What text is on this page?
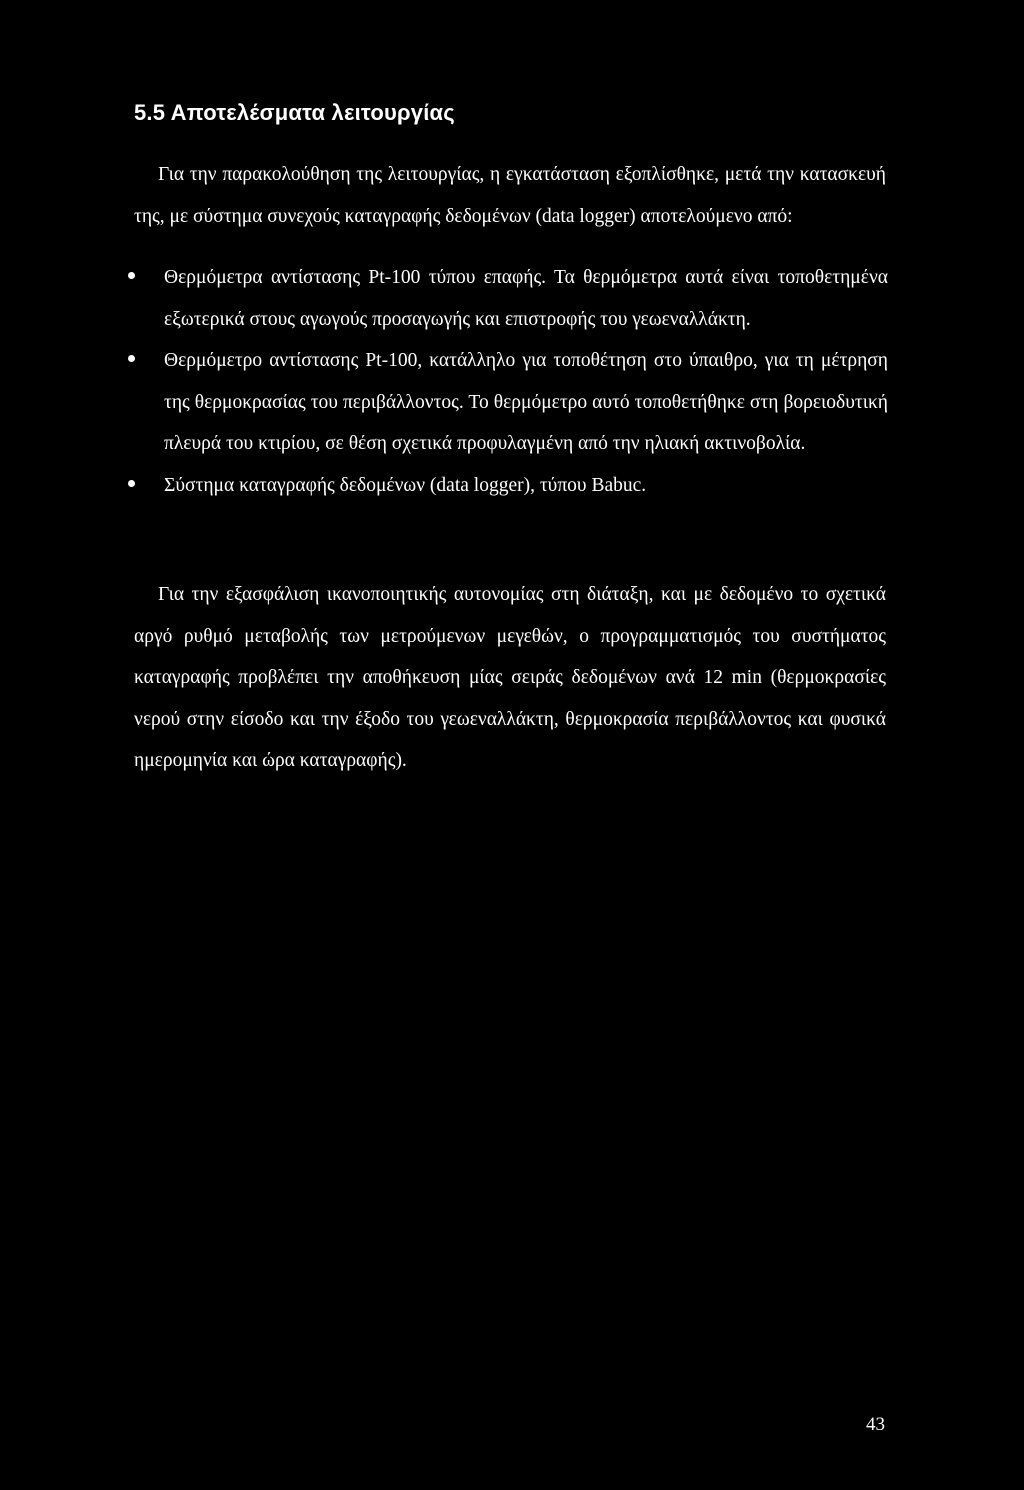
5.5 Αποτελέσματα λειτουργίας

Για την παρακολούθηση της λειτουργίας, η εγκατάσταση εξοπλίσθηκε, μετά την κατασκευή της, με σύστημα συνεχούς καταγραφής δεδομένων (data logger) αποτελούμενο από:

Θερμόμετρα αντίστασης Pt-100 τύπου επαφής. Τα θερμόμετρα αυτά είναι τοποθετημένα εξωτερικά στους αγωγούς προσαγωγής και επιστροφής του γεωεναλλάκτη.
Θερμόμετρο αντίστασης Pt-100, κατάλληλο για τοποθέτηση στο ύπαιθρο, για τη μέτρηση της θερμοκρασίας του περιβάλλοντος. Το θερμόμετρο αυτό τοποθετήθηκε στη βορειοδυτική πλευρά του κτιρίου, σε θέση σχετικά προφυλαγμένη από την ηλιακή ακτινοβολία.
Σύστημα καταγραφής δεδομένων (data logger), τύπου Babuc.

Για την εξασφάλιση ικανοποιητικής αυτονομίας στη διάταξη, και με δεδομένο το σχετικά αργό ρυθμό μεταβολής των μετρούμενων μεγεθών, ο προγραμματισμός του συστήματος καταγραφής προβλέπει την αποθήκευση μίας σειράς δεδομένων ανά 12 min (θερμοκρασίες νερού στην είσοδο και την έξοδο του γεωεναλλάκτη, θερμοκρασία περιβάλλοντος και φυσικά ημερομηνία και ώρα καταγραφής).

43
